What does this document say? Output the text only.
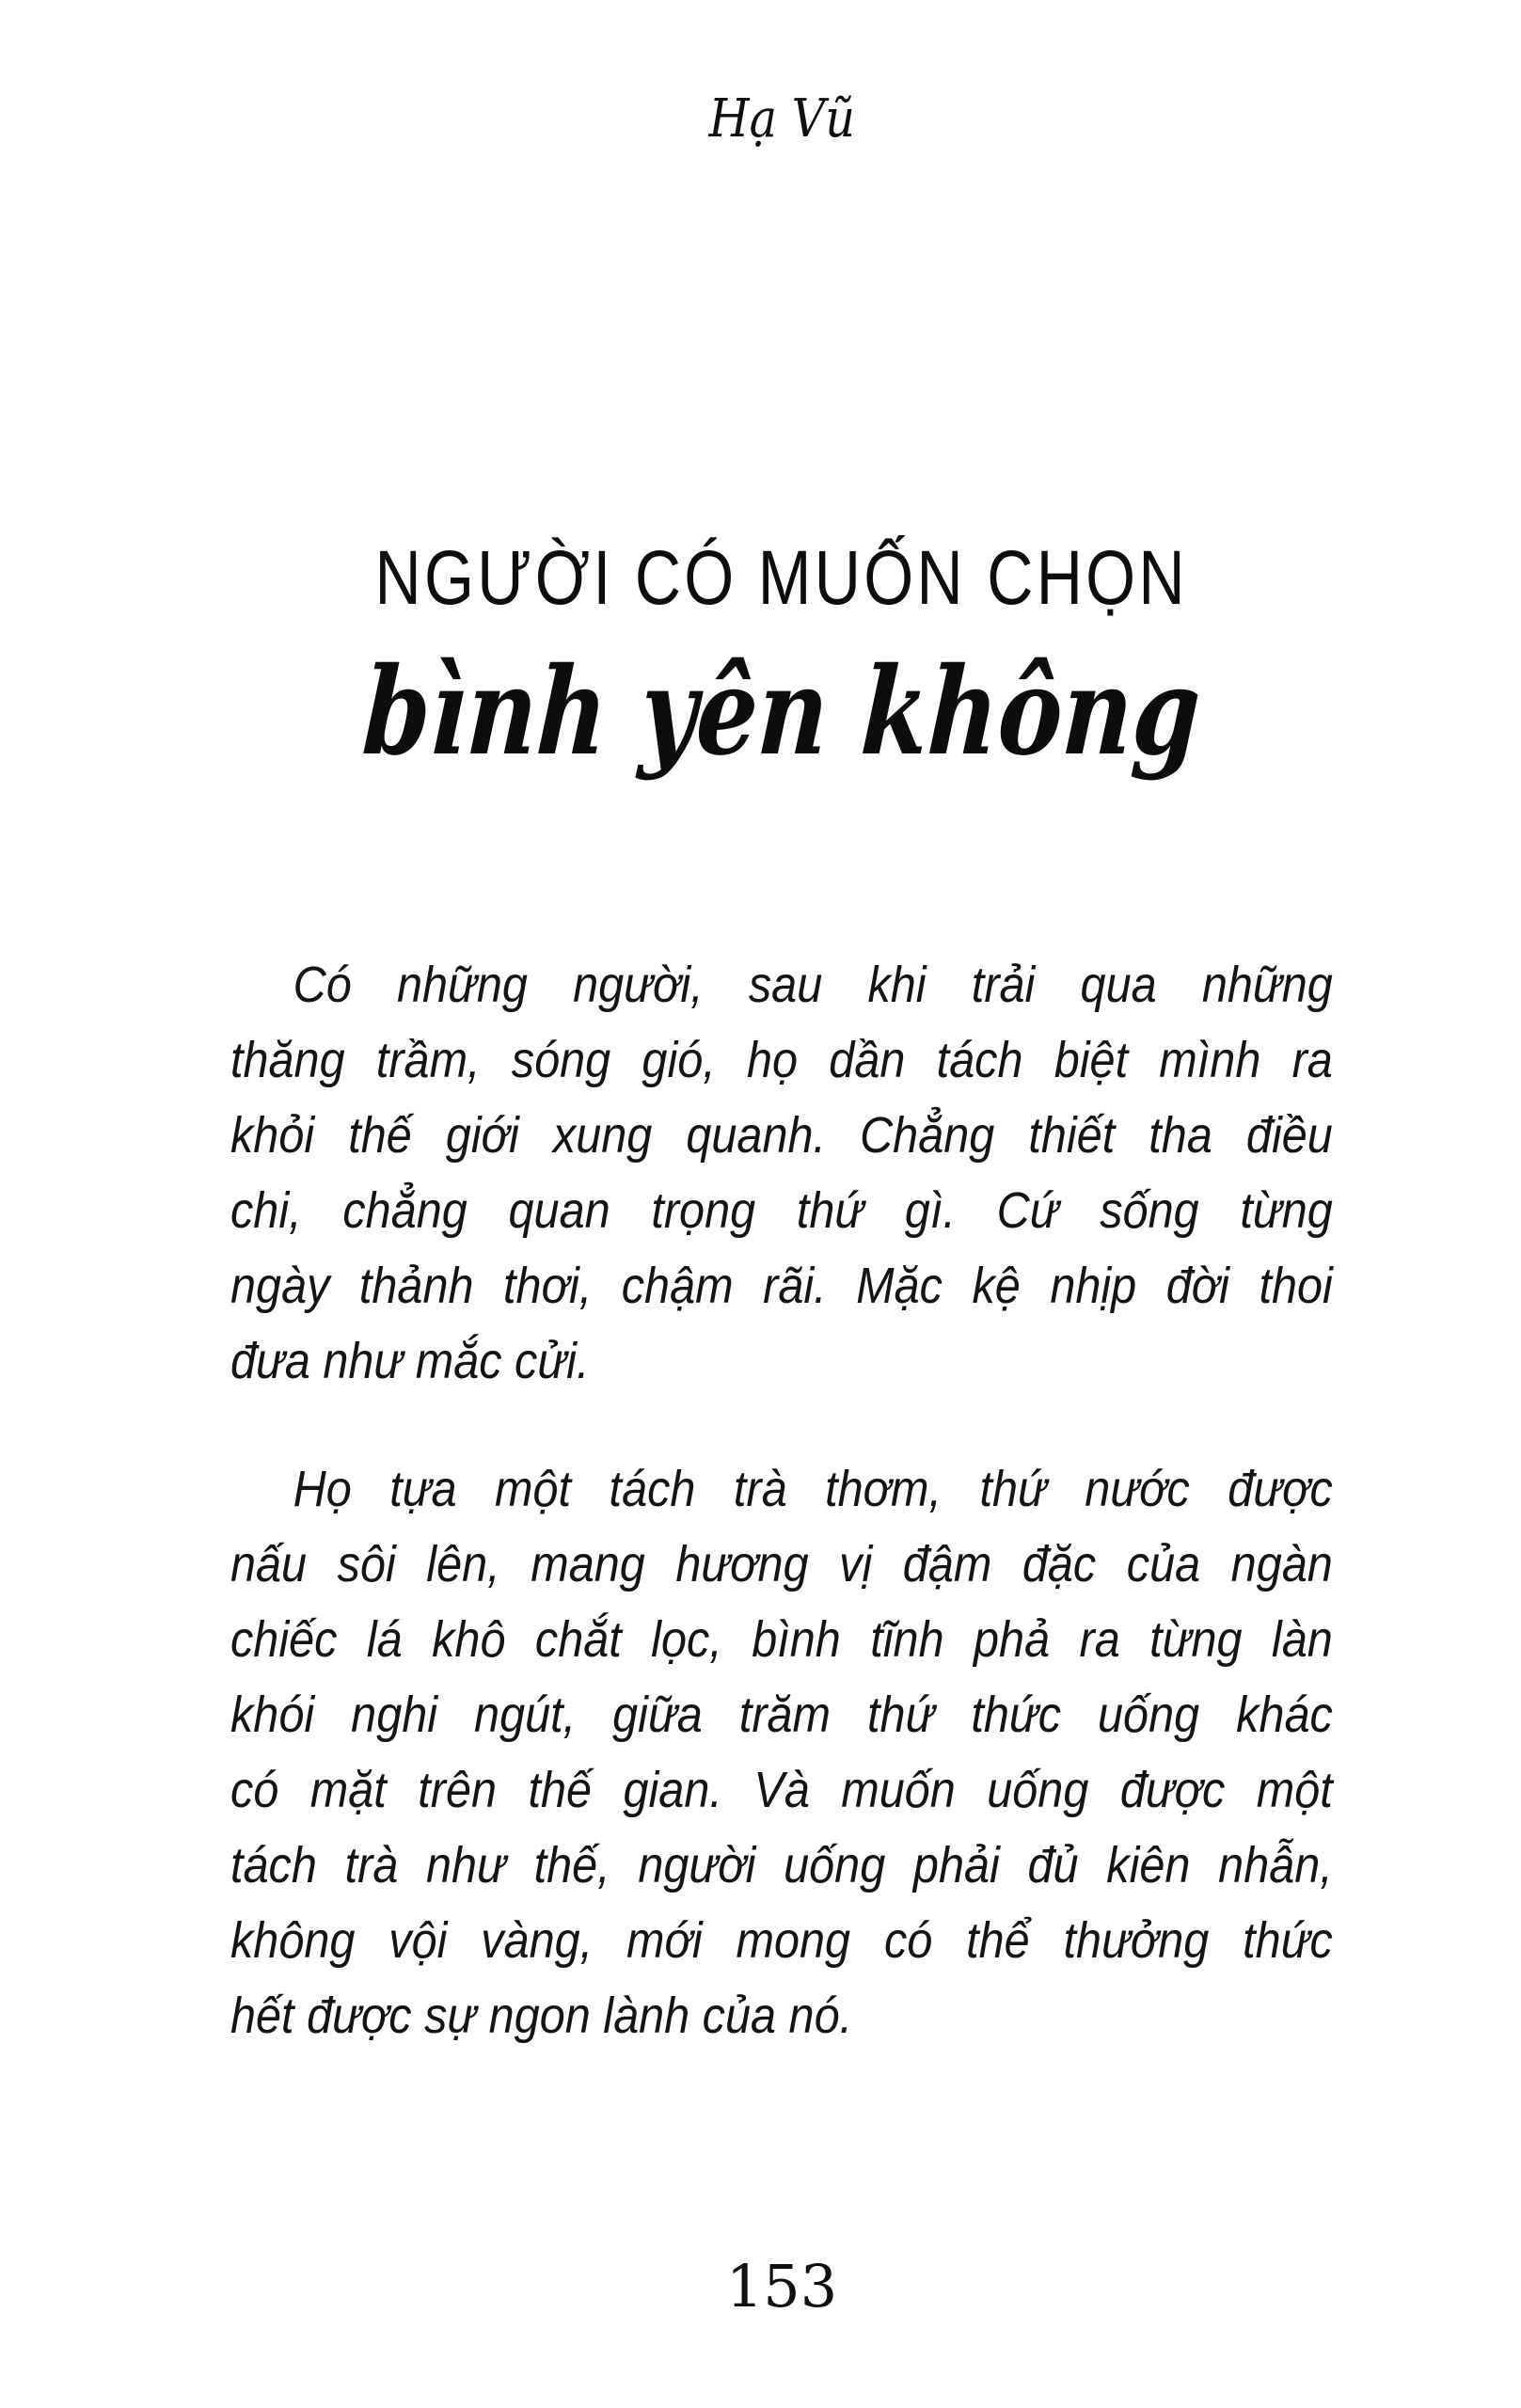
Hạ Vũ
NGƯỜI CÓ MUỐN CHỌN
bình yên không
Có những người, sau khi trải qua những
thăng trầm, sóng gió, họ dần tách biệt mình ra
khỏi thế giới xung quanh. Chẳng thiết tha điều
chi, chẳng quan trọng thứ gì. Cứ sống từng
ngày thảnh thơi, chậm rãi. Mặc kệ nhịp đời thoi
đưa như mắc cửi.
Họ tựa một tách trà thơm, thứ nước được
nấu sôi lên, mang hương vị đậm đặc của ngàn
chiếc lá khô chắt lọc, bình tĩnh phả ra từng làn
khói nghi ngút, giữa trăm thứ thức uống khác
có mặt trên thế gian. Và muốn uống được một
tách trà như thế, người uống phải đủ kiên nhẫn,
không vội vàng, mới mong có thể thưởng thức
hết được sự ngon lành của nó.
153
